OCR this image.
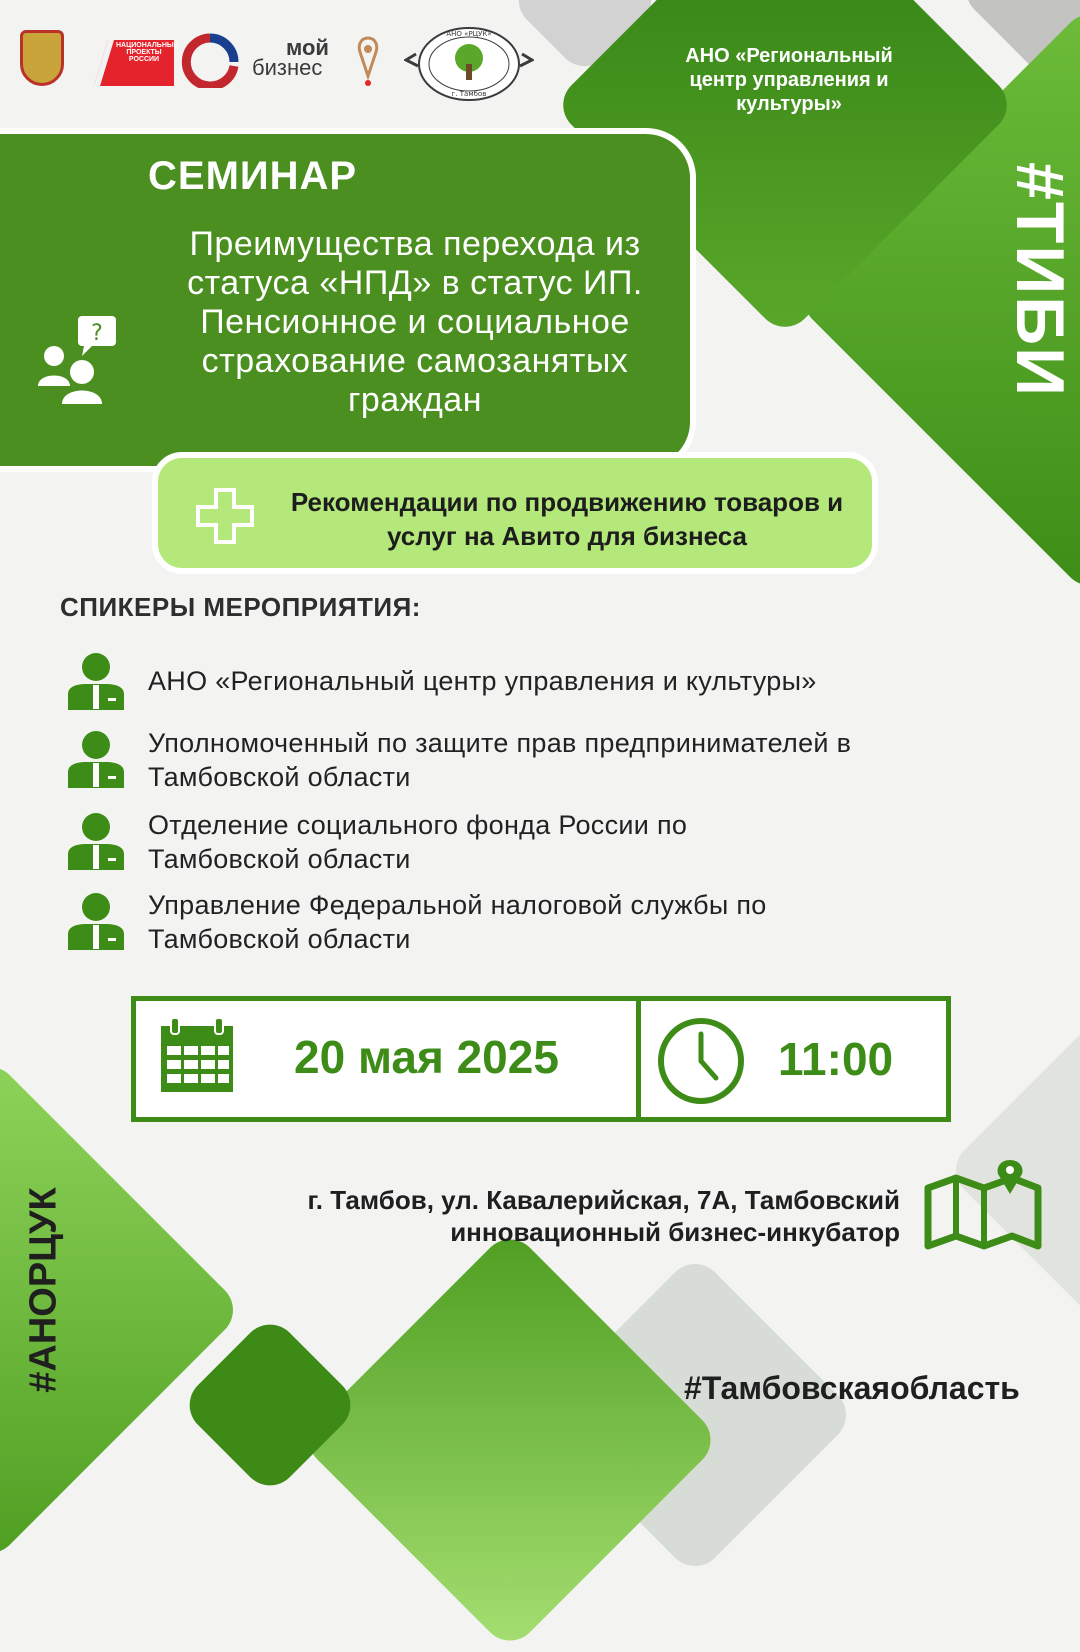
НАЦИОНАЛЬНЫЕ ПРОЕКТЫ РОССИИ	мой
бизнес
АНО «РЦУК»
г. Тамбов
АНО «Региональный центр управления и культуры»
#ТИБИ
СЕМИНАР
Преимущества перехода из статуса «НПД» в статус ИП. Пенсионное и социальное страхование самозанятых граждан
?
Рекомендации по продвижению товаров и услуг на Авито для бизнеса
СПИКЕРЫ МЕРОПРИЯТИЯ:
АНО «Региональный центр управления и культуры»
Уполномоченный по защите прав предпринимателей в Тамбовской области
Отделение социального фонда России по Тамбовской области
Управление Федеральной налоговой службы по Тамбовской области
20 мая 2025	11:00
г. Тамбов, ул. Кавалерийская, 7А, Тамбовский инновационный бизнес-инкубатор
#АНОРЦУК	#Тамбовскаяобласть
